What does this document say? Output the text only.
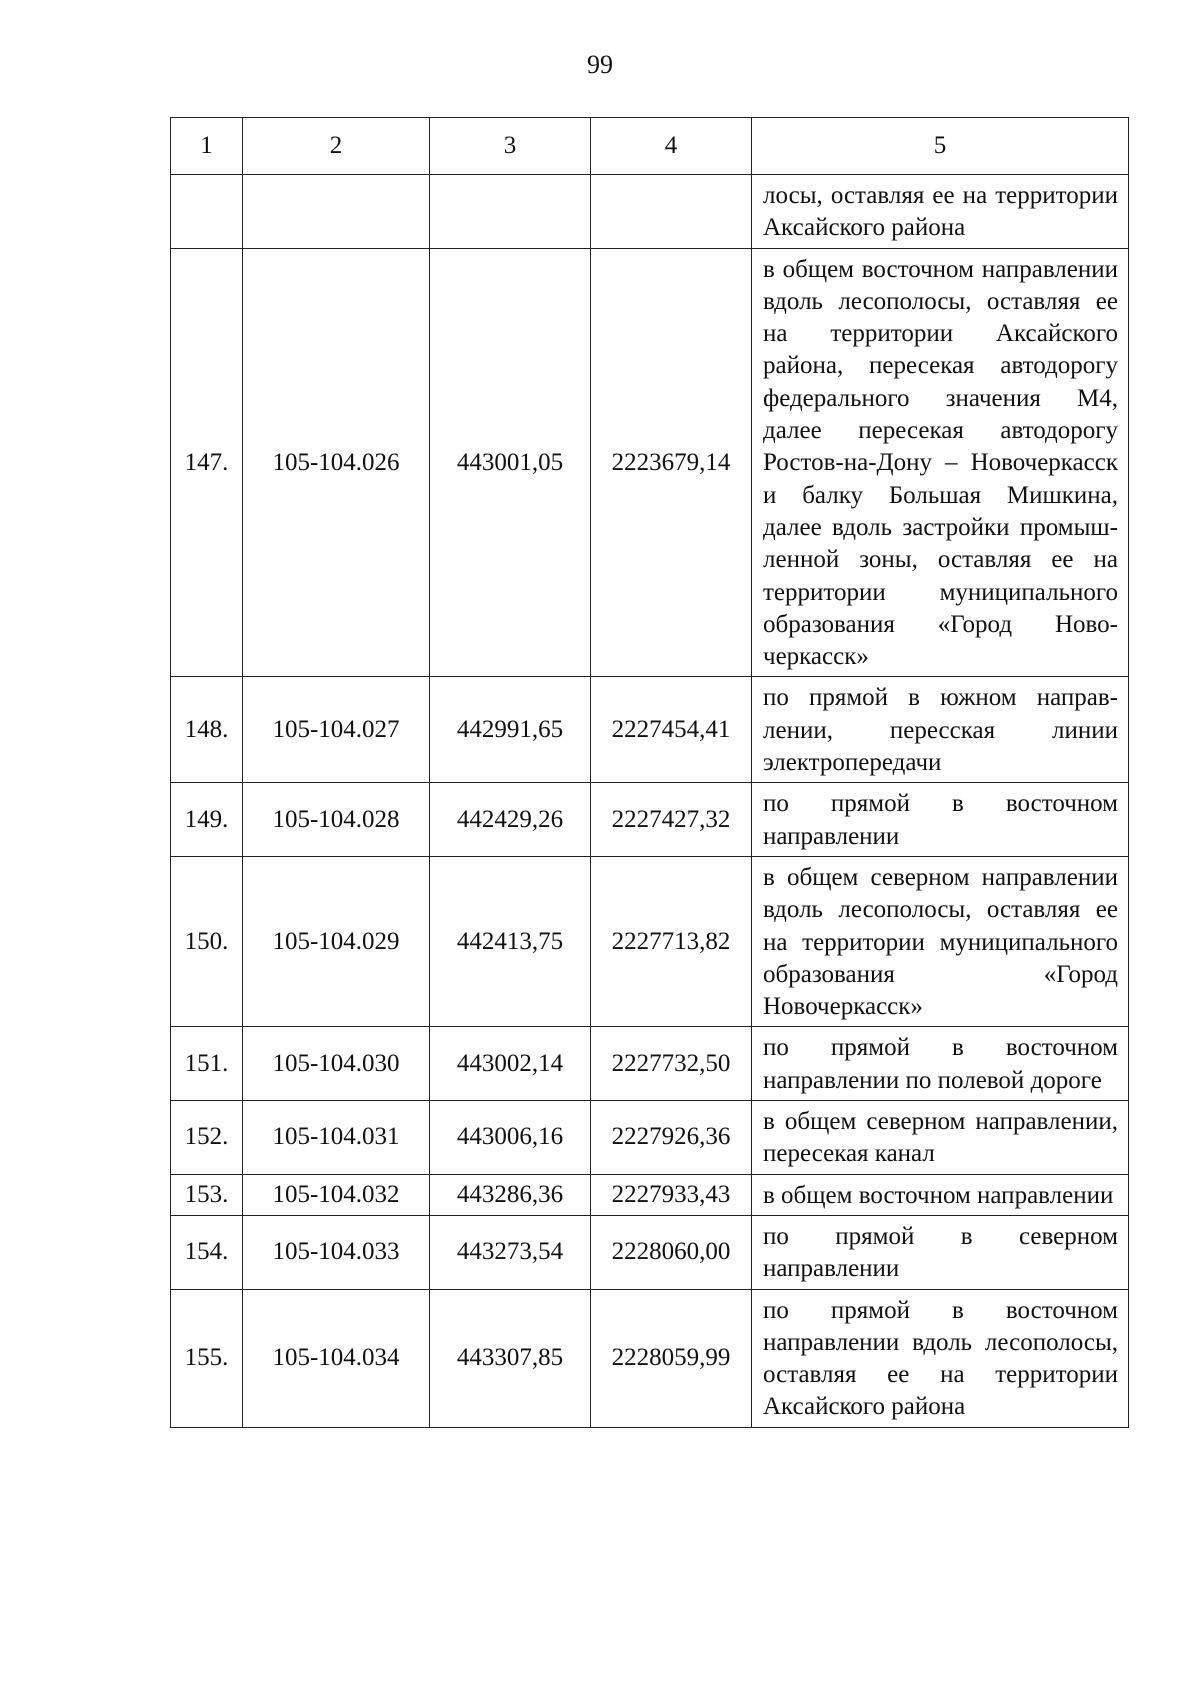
99
1	2	3	4	5
				лосы, оставляя ее на территории Аксайского района
147.	105-104.026	443001,05	2223679,14	в общем восточном направлении вдоль лесополосы, оставляя ее на территории Аксайского района, пересекая автодорогу федерального значения М4, далее пересекая автодорогу Ростов-на-Дону – Новочеркасск и балку Большая Мишкина, далее вдоль застройки промышленной зоны, оставляя ее на территории муниципального образования «Город Новочеркасск»
148.	105-104.027	442991,65	2227454,41	по прямой в южном направлении, пересская линии электропередачи
149.	105-104.028	442429,26	2227427,32	по прямой в восточном направлении
150.	105-104.029	442413,75	2227713,82	в общем северном направлении вдоль лесополосы, оставляя ее на территории муниципального образования «Город Новочеркасск»
151.	105-104.030	443002,14	2227732,50	по прямой в восточном направлении по полевой дороге
152.	105-104.031	443006,16	2227926,36	в общем северном направлении, пересекая канал
153.	105-104.032	443286,36	2227933,43	в общем восточном направлении
154.	105-104.033	443273,54	2228060,00	по прямой в северном направлении
155.	105-104.034	443307,85	2228059,99	по прямой в восточном направлении вдоль лесополосы, оставляя ее на территории Аксайского района
